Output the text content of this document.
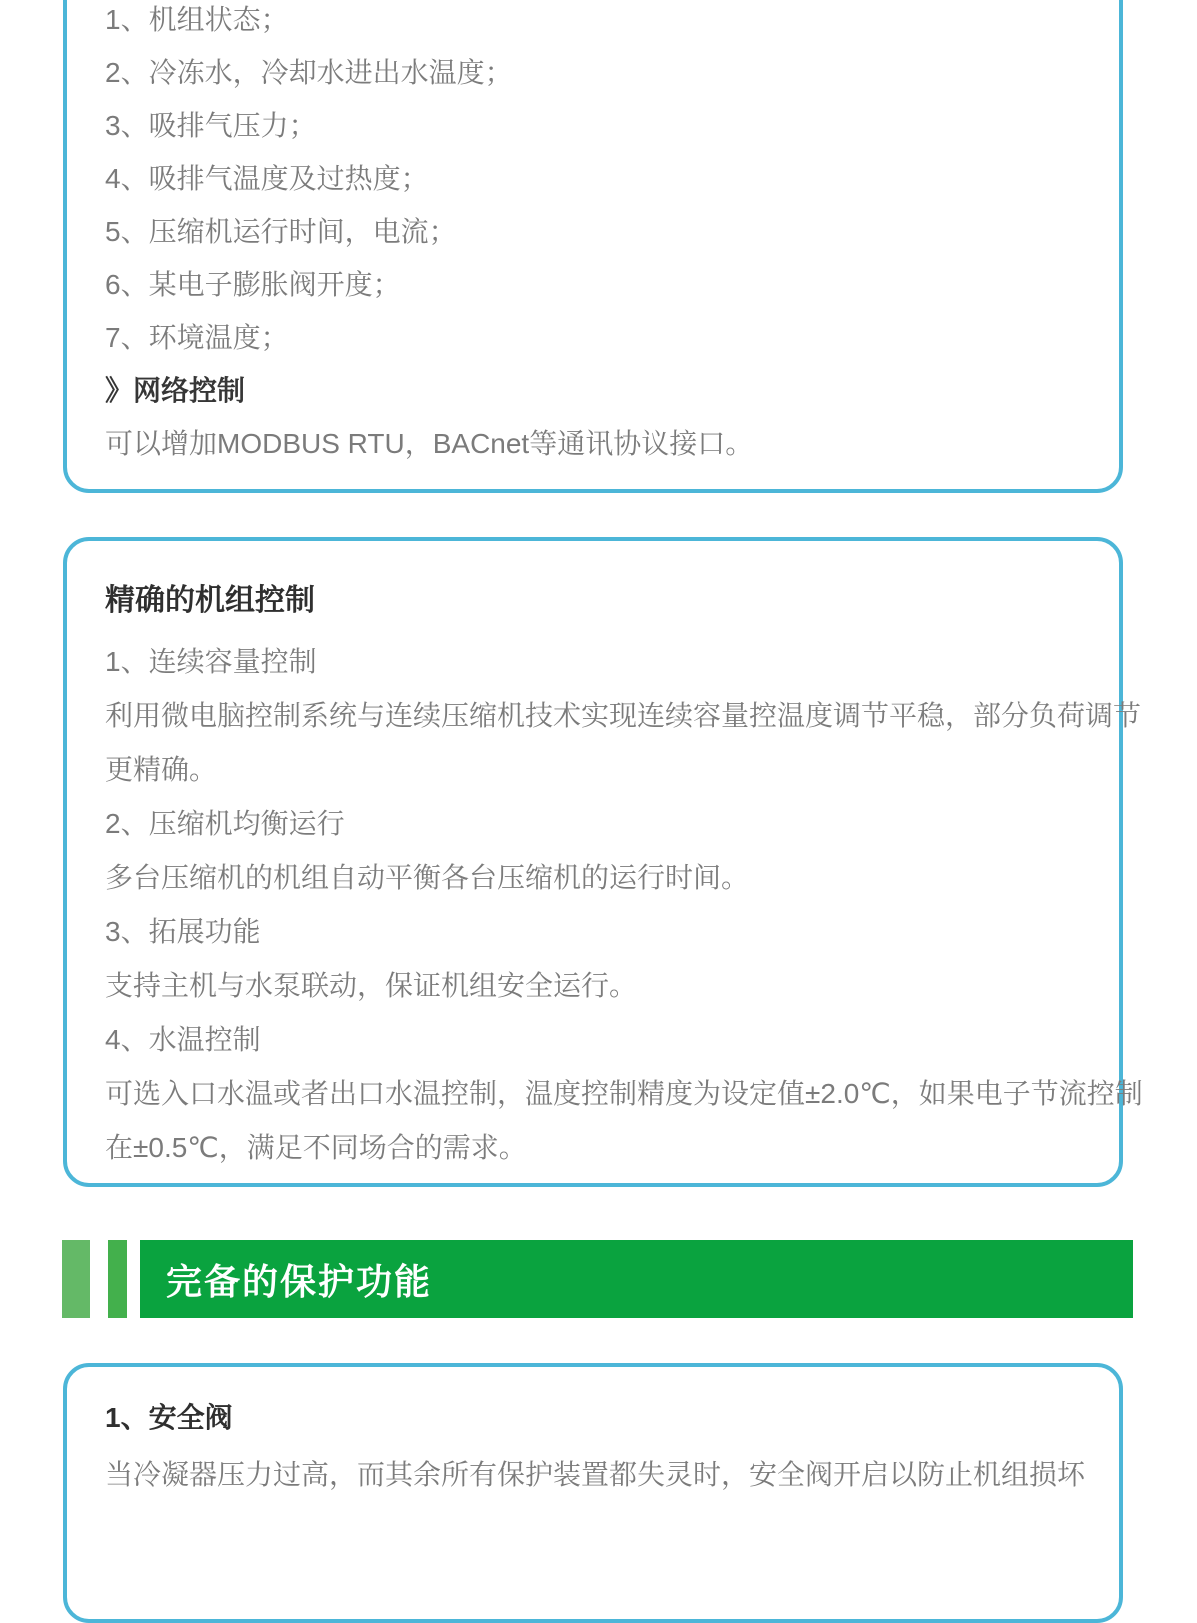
1、机组状态；

2、冷冻水，冷却水进出水温度；

3、吸排气压力；

4、吸排气温度及过热度；

5、压缩机运行时间，电流；

6、某电子膨胀阀开度；

7、环境温度；

》网络控制

可以增加MODBUS RTU，BACnet等通讯协议接口。

精确的机组控制

1、连续容量控制

利用微电脑控制系统与连续压缩机技术实现连续容量控温度调节平稳，部分负荷调节

更精确。

2、压缩机均衡运行

多台压缩机的机组自动平衡各台压缩机的运行时间。

3、拓展功能

支持主机与水泵联动，保证机组安全运行。

4、水温控制

可选入口水温或者出口水温控制，温度控制精度为设定值±2.0℃，如果电子节流控制

在±0.5℃，满足不同场合的需求。

完备的保护功能

1、安全阀

当冷凝器压力过高，而其余所有保护装置都失灵时，安全阀开启以防止机组损坏
